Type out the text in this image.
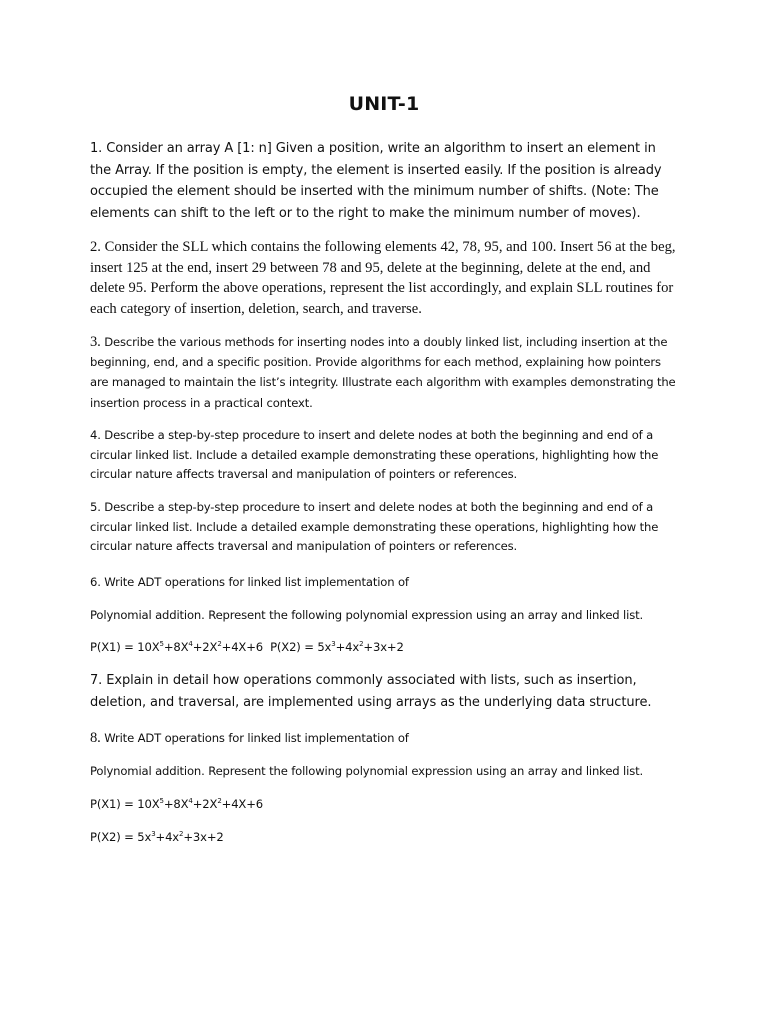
UNIT-1

1. Consider an array A [1: n] Given a position, write an algorithm to insert an element in the Array. If the position is empty, the element is inserted easily. If the position is already occupied the element should be inserted with the minimum number of shifts. (Note: The elements can shift to the left or to the right to make the minimum number of moves).

2. Consider the SLL which contains the following elements 42, 78, 95, and 100. Insert 56 at the beg, insert 125 at the end, insert 29 between 78 and 95, delete at the beginning, delete at the end, and delete 95. Perform the above operations, represent the list accordingly, and explain SLL routines for each category of insertion, deletion, search, and traverse.

3. Describe the various methods for inserting nodes into a doubly linked list, including insertion at the beginning, end, and a specific position. Provide algorithms for each method, explaining how pointers are managed to maintain the list’s integrity. Illustrate each algorithm with examples demonstrating the insertion process in a practical context.

4. Describe a step-by-step procedure to insert and delete nodes at both the beginning and end of a circular linked list. Include a detailed example demonstrating these operations, highlighting how the circular nature affects traversal and manipulation of pointers or references.

5. Describe a step-by-step procedure to insert and delete nodes at both the beginning and end of a circular linked list. Include a detailed example demonstrating these operations, highlighting how the circular nature affects traversal and manipulation of pointers or references.

6. Write ADT operations for linked list implementation of

Polynomial addition. Represent the following polynomial expression using an array and linked list.

$P(X1) = 10X^5+8X^4+2X^2+4X+6$ $P(X2) = 5x^3+4x^2+3x+2$

7. Explain in detail how operations commonly associated with lists, such as insertion, deletion, and traversal, are implemented using arrays as the underlying data structure.

8. Write ADT operations for linked list implementation of

Polynomial addition. Represent the following polynomial expression using an array and linked list.

$P(X1) = 10X^5+8X^4+2X^2+4X+6$

$P(X2) = 5x^3+4x^2+3x+2$
